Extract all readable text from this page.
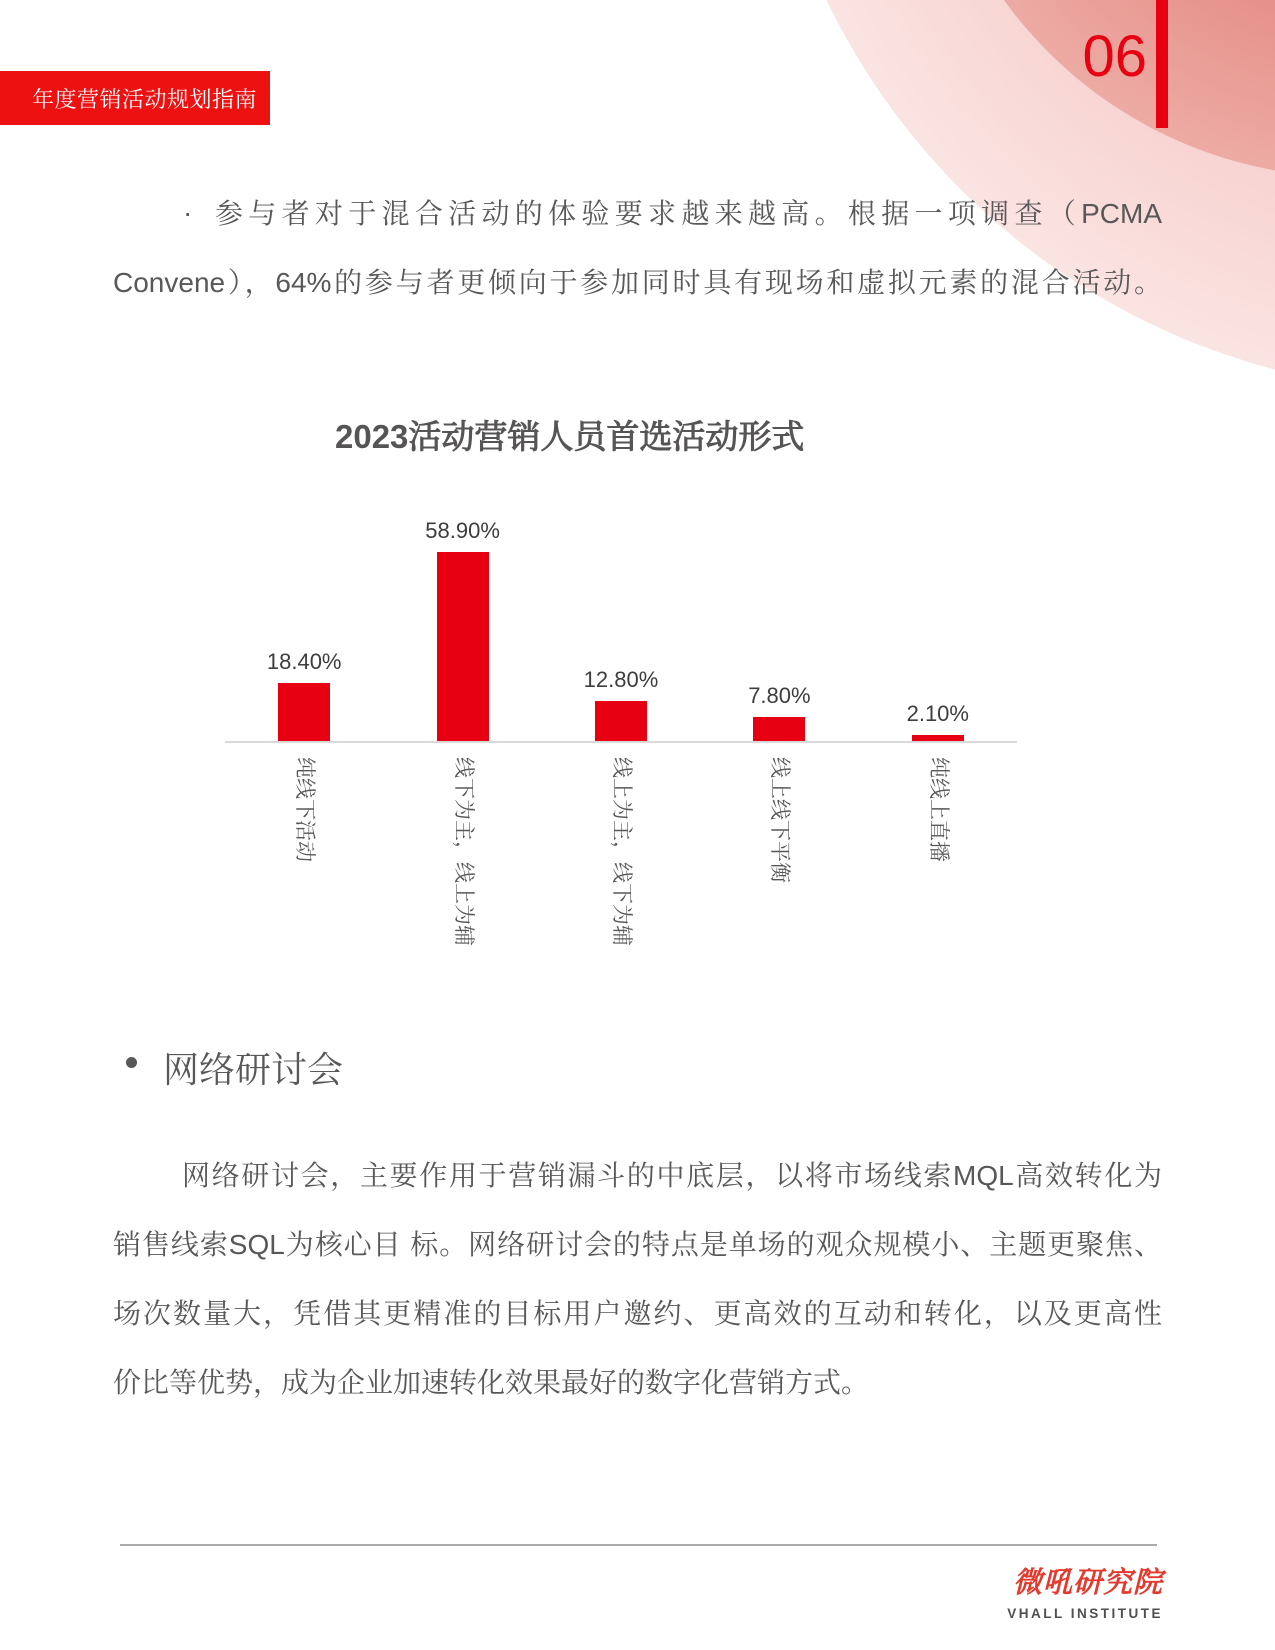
年度营销活动规划指南
06
· 参与者对于混合活动的体验要求越来越高。根据一项调查（PCMA
Convene），64%的参与者更倾向于参加同时具有现场和虚拟元素的混合活动。
2023活动营销人员首选活动形式
18.40%
纯线下活动
58.90%
线下为主，线上为辅
12.80%
线上为主，线下为辅
7.80%
线上线下平衡
2.10%
纯线上直播
网络研讨会
网络研讨会，主要作用于营销漏斗的中底层，以将市场线索MQL高效转化为
销售线索SQL为核心目 标。网络研讨会的特点是单场的观众规模小、主题更聚焦、
场次数量大，凭借其更精准的目标用户邀约、更高效的互动和转化，以及更高性
价比等优势，成为企业加速转化效果最好的数字化营销方式。
微吼研究院
VHALL INSTITUTE
